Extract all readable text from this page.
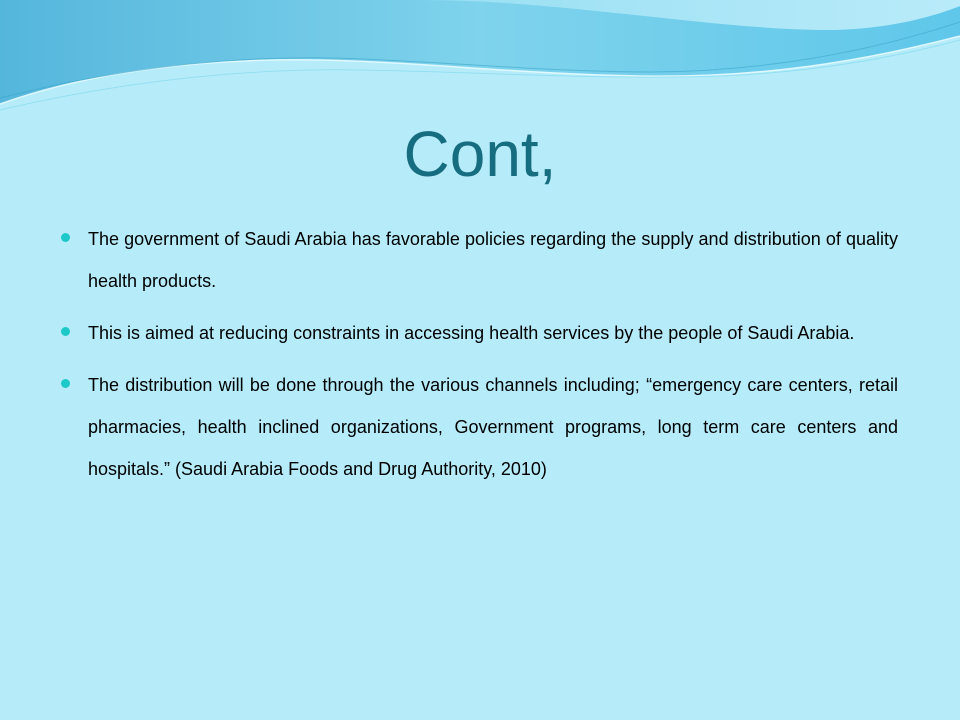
Cont,
The government of Saudi Arabia has favorable policies regarding the supply and distribution of quality health products.
This is aimed at reducing constraints in accessing health services by the people of Saudi Arabia.
The distribution will be done through the various channels including; “emergency care centers, retail pharmacies, health inclined organizations, Government programs, long term care centers and hospitals.” (Saudi Arabia Foods and Drug Authority, 2010)
